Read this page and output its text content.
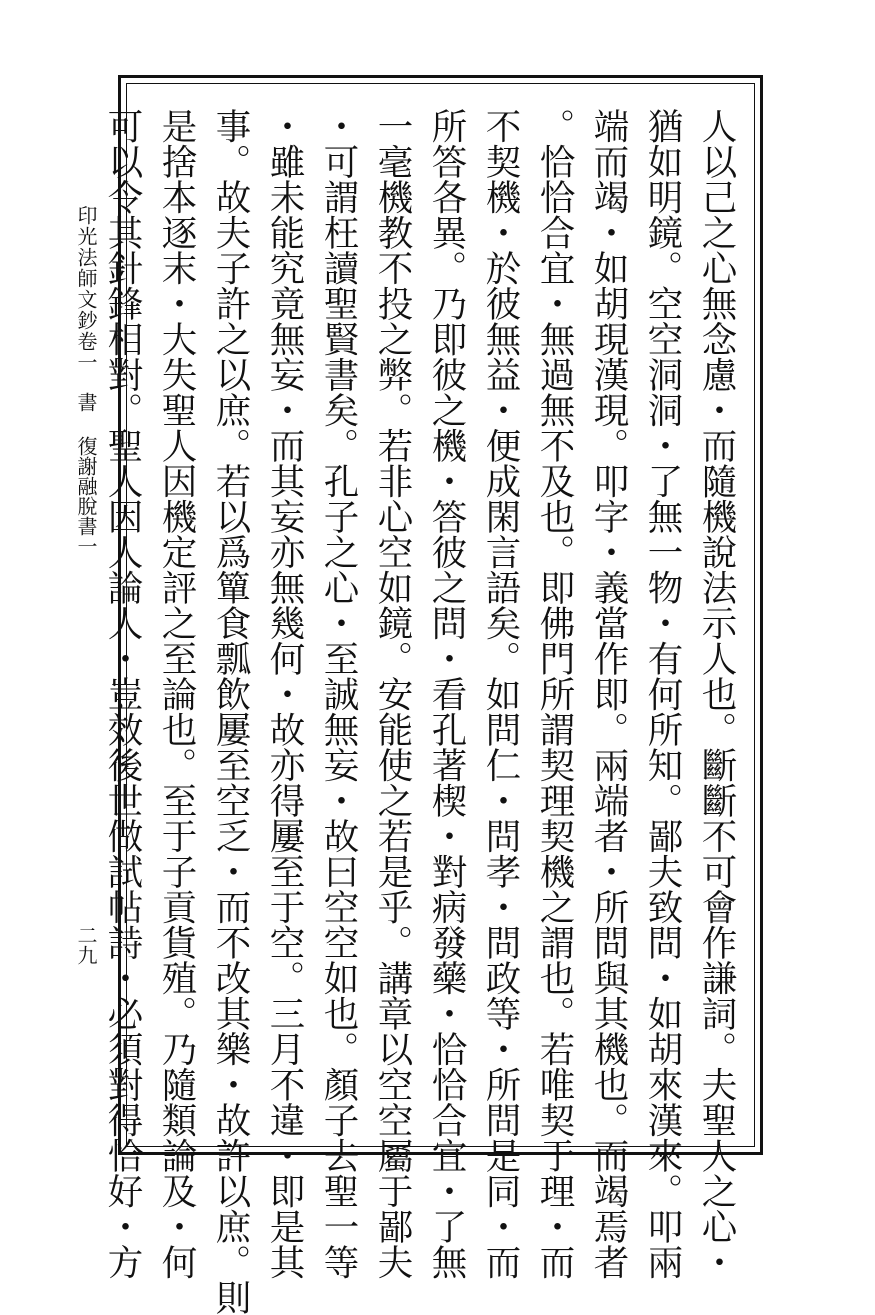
印光法師文鈔卷一
書
復謝融脫書一
二九	人以己之心無念慮・而隨機說法示人也。斷斷不可會作謙詞。夫聖人之心・
猶如明鏡。空空洞洞・了無一物・有何所知。鄙夫致問・如胡來漢來。叩兩
端而竭・如胡現漢現。叩字・義當作即。兩端者・所問與其機也。而竭焉者
。恰恰合宜・無過無不及也。即佛門所謂契理契機之謂也。若唯契于理・而
不契機・於彼無益・便成閑言語矣。如問仁・問孝・問政等・所問是同・而
所答各異。乃即彼之機・答彼之問・看孔著楔・對病發藥・恰恰合宜・了無
一毫機教不投之弊。若非心空如鏡。安能使之若是乎。講章以空空屬于鄙夫
・可謂枉讀聖賢書矣。孔子之心・至誠無妄・故曰空空如也。顏子去聖一等
・雖未能究竟無妄・而其妄亦無幾何・故亦得屢至于空。三月不違・即是其
事。故夫子許之以庶。若以爲簞食瓢飲屢至空乏・而不改其樂・故許以庶。則
是捨本逐末・大失聖人因機定評之至論也。至于子貢貨殖。乃隨類論及・何
可以令其針鋒相對。聖人因人論人・豈效後世做試帖詩・必須對得恰好・方
